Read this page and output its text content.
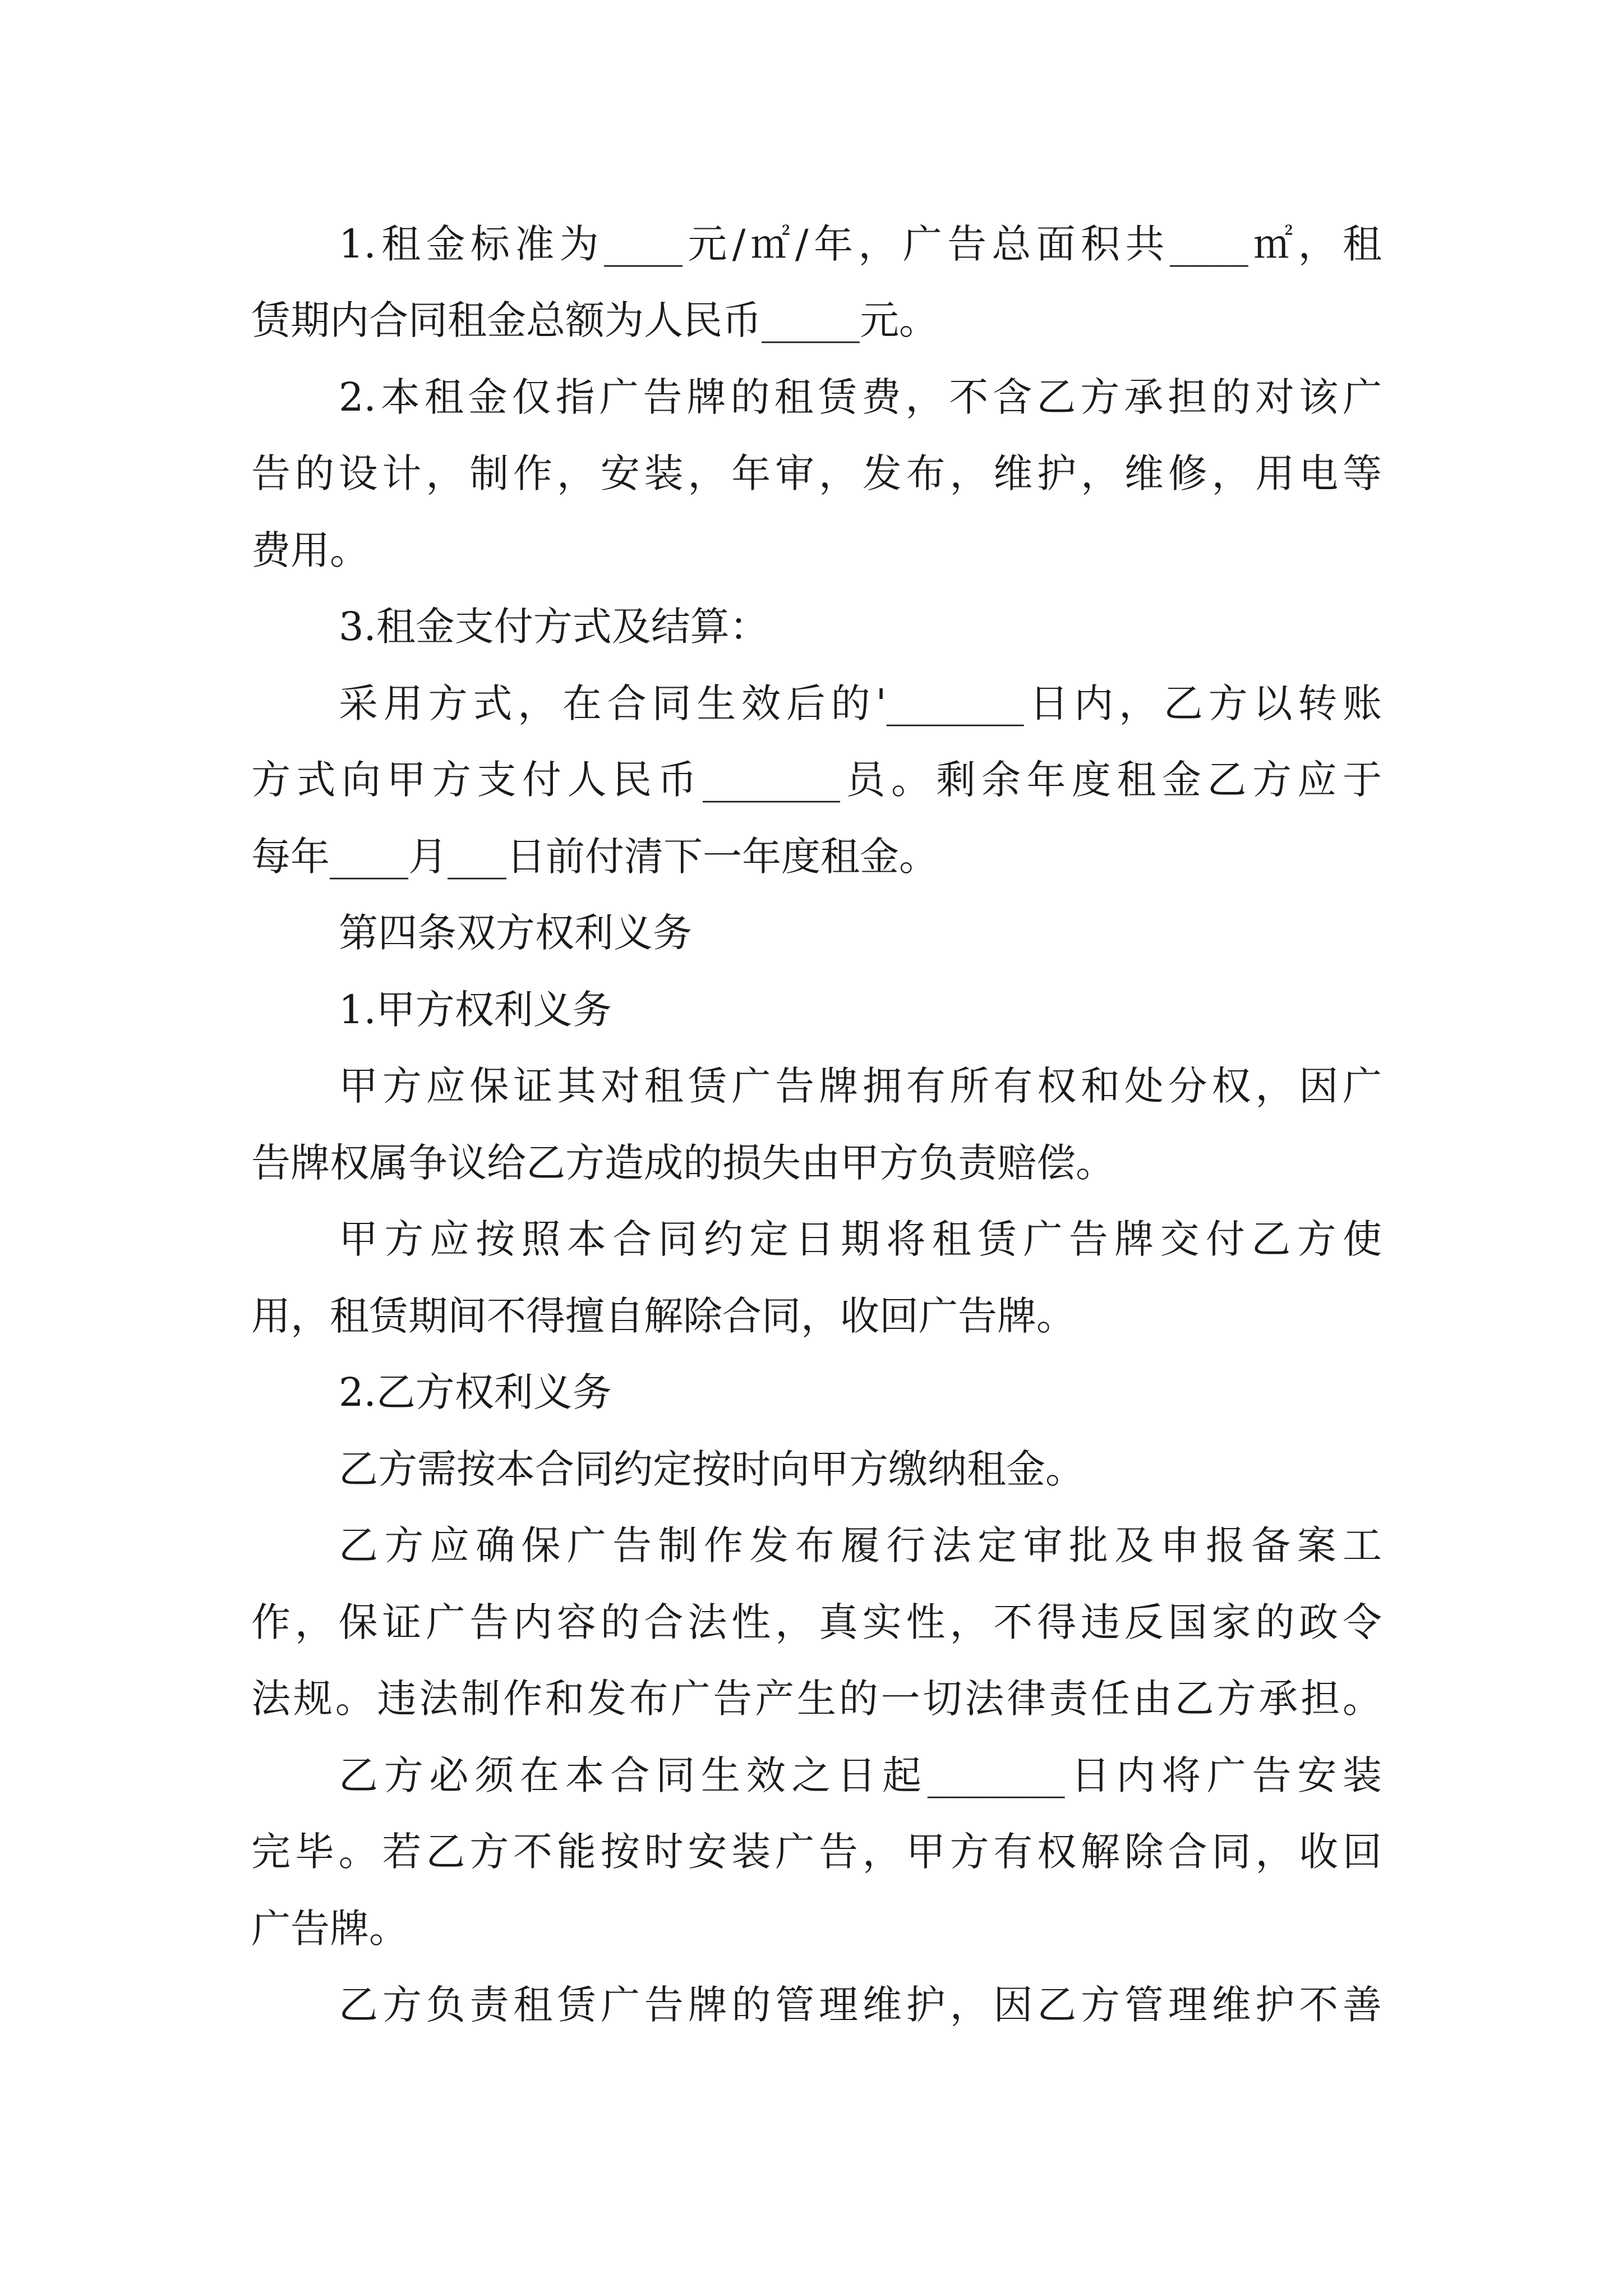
1.租金标准为____元/㎡/年，广告总面积共____㎡，租
赁期内合同租金总额为人民币_____元。
2.本租金仅指广告牌的租赁费，不含乙方承担的对该广
告的设计，制作，安装，年审，发布，维护，维修，用电等
费用。
3.租金支付方式及结算：
采用方式，在合同生效后的'_______日内，乙方以转账
方式向甲方支付人民币_______员。剩余年度租金乙方应于
每年____月___日前付清下一年度租金。
第四条双方权利义务
1.甲方权利义务
甲方应保证其对租赁广告牌拥有所有权和处分权，因广
告牌权属争议给乙方造成的损失由甲方负责赔偿。
甲方应按照本合同约定日期将租赁广告牌交付乙方使
用，租赁期间不得擅自解除合同，收回广告牌。
2.乙方权利义务
乙方需按本合同约定按时向甲方缴纳租金。
乙方应确保广告制作发布履行法定审批及申报备案工
作，保证广告内容的合法性，真实性，不得违反国家的政令
法规。违法制作和发布广告产生的一切法律责任由乙方承担。
乙方必须在本合同生效之日起_______日内将广告安装
完毕。若乙方不能按时安装广告，甲方有权解除合同，收回
广告牌。
乙方负责租赁广告牌的管理维护，因乙方管理维护不善
